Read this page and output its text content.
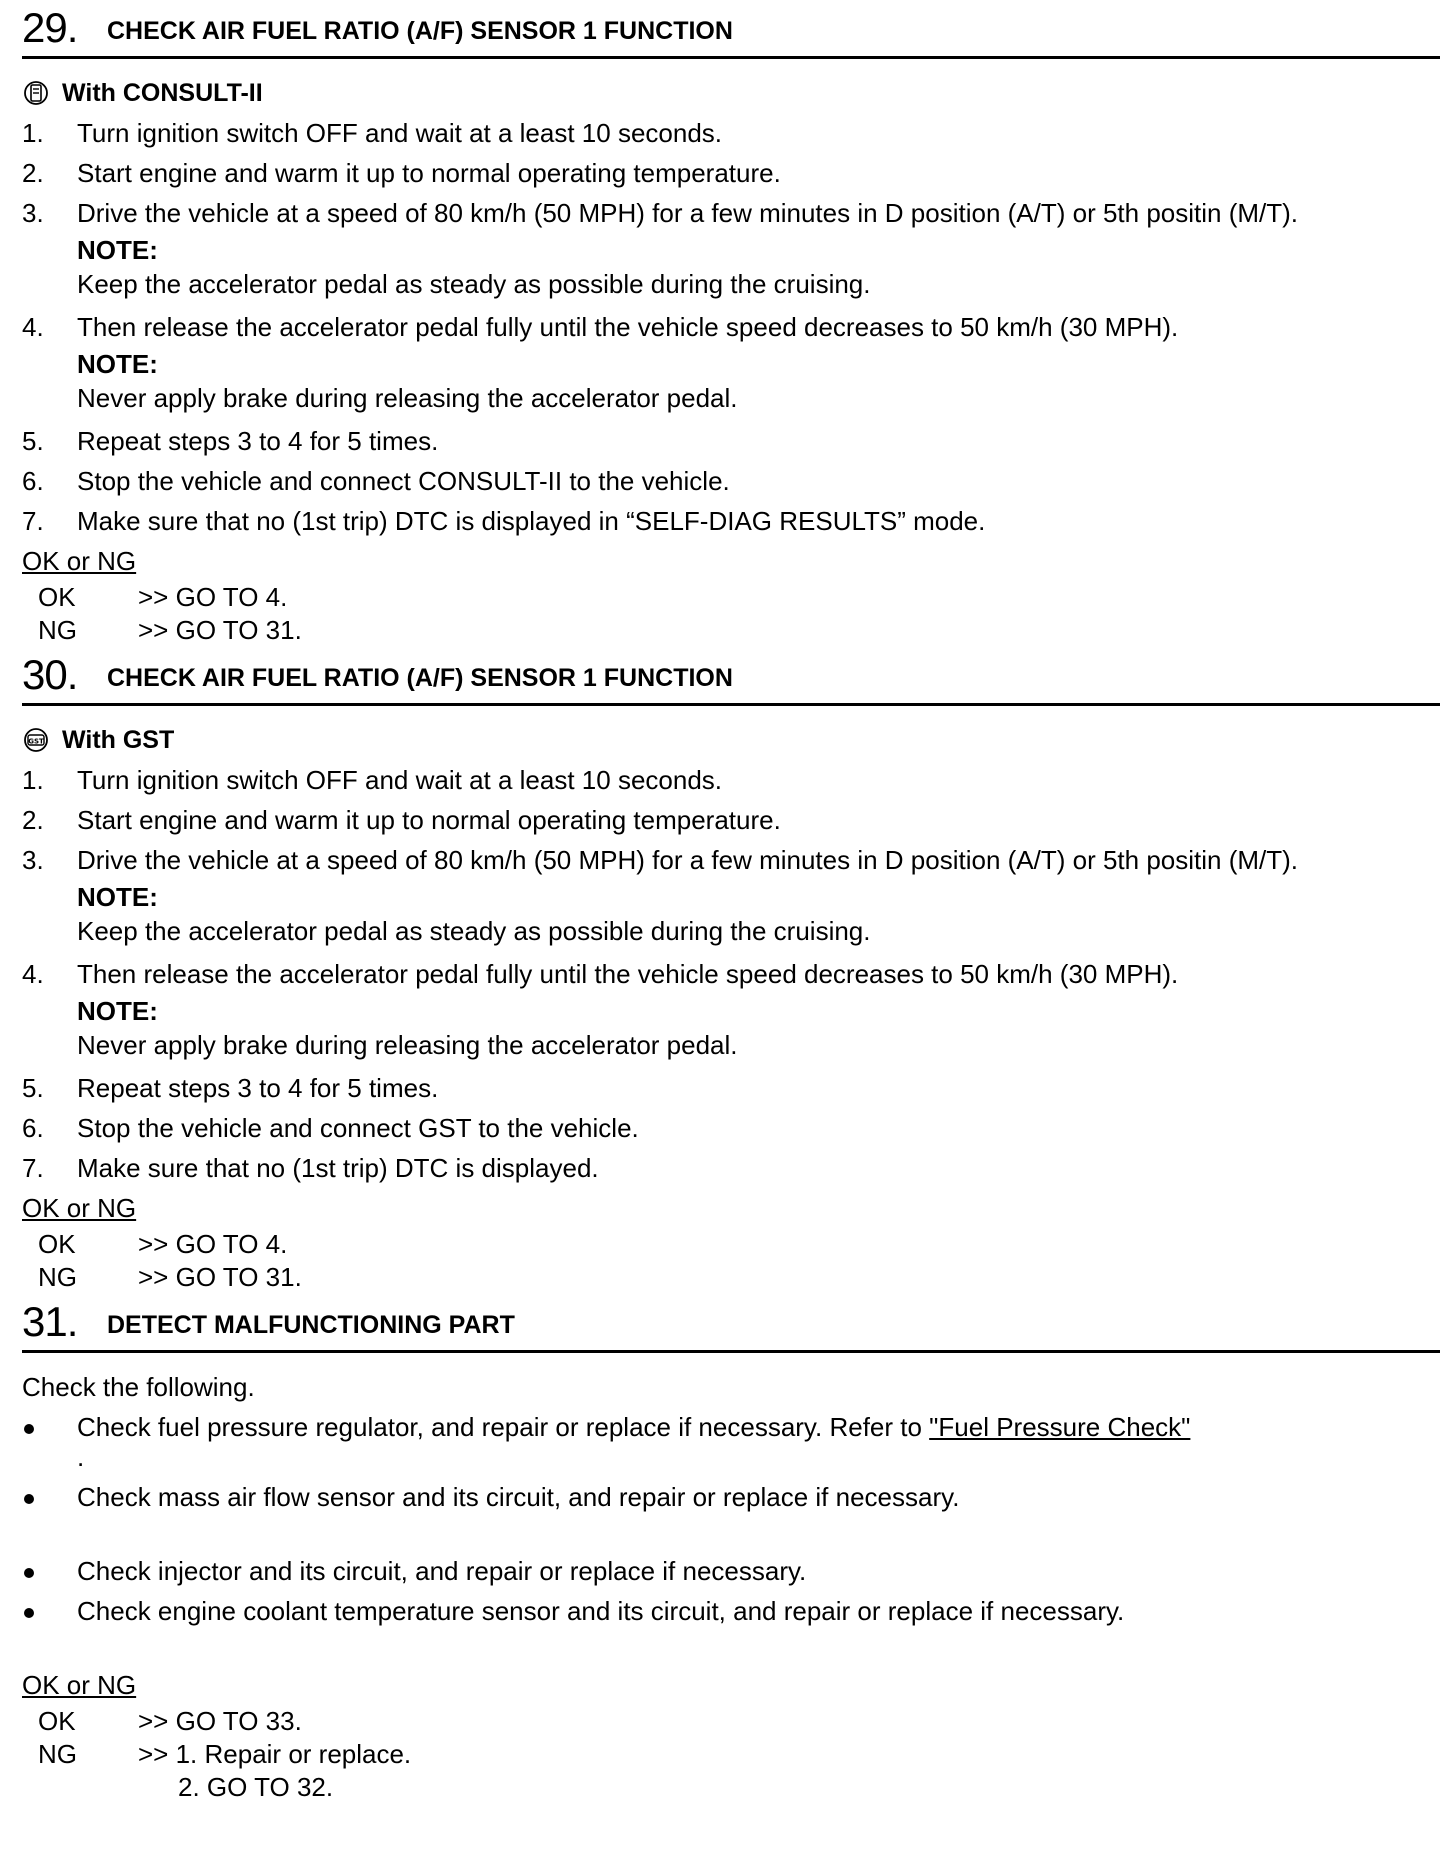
29. CHECK AIR FUEL RATIO (A/F) SENSOR 1 FUNCTION
With CONSULT-II
1. Turn ignition switch OFF and wait at a least 10 seconds.
2. Start engine and warm it up to normal operating temperature.
3. Drive the vehicle at a speed of 80 km/h (50 MPH) for a few minutes in D position (A/T) or 5th positin (M/T).
NOTE:
Keep the accelerator pedal as steady as possible during the cruising.
4. Then release the accelerator pedal fully until the vehicle speed decreases to 50 km/h (30 MPH).
NOTE:
Never apply brake during releasing the accelerator pedal.
5. Repeat steps 3 to 4 for 5 times.
6. Stop the vehicle and connect CONSULT-II to the vehicle.
7. Make sure that no (1st trip) DTC is displayed in “SELF-DIAG RESULTS” mode.
OK or NG
OK >> GO TO 4.
NG >> GO TO 31.
30. CHECK AIR FUEL RATIO (A/F) SENSOR 1 FUNCTION
GST With GST
1. Turn ignition switch OFF and wait at a least 10 seconds.
2. Start engine and warm it up to normal operating temperature.
3. Drive the vehicle at a speed of 80 km/h (50 MPH) for a few minutes in D position (A/T) or 5th positin (M/T).
NOTE:
Keep the accelerator pedal as steady as possible during the cruising.
4. Then release the accelerator pedal fully until the vehicle speed decreases to 50 km/h (30 MPH).
NOTE:
Never apply brake during releasing the accelerator pedal.
5. Repeat steps 3 to 4 for 5 times.
6. Stop the vehicle and connect GST to the vehicle.
7. Make sure that no (1st trip) DTC is displayed.
OK or NG
OK >> GO TO 4.
NG >> GO TO 31.
31. DETECT MALFUNCTIONING PART
Check the following.
Check fuel pressure regulator, and repair or replace if necessary. Refer to "Fuel Pressure Check"
.
Check mass air flow sensor and its circuit, and repair or replace if necessary.
Check injector and its circuit, and repair or replace if necessary.
Check engine coolant temperature sensor and its circuit, and repair or replace if necessary.
OK or NG
OK >> GO TO 33.
NG >> 1. Repair or replace.
2. GO TO 32.
